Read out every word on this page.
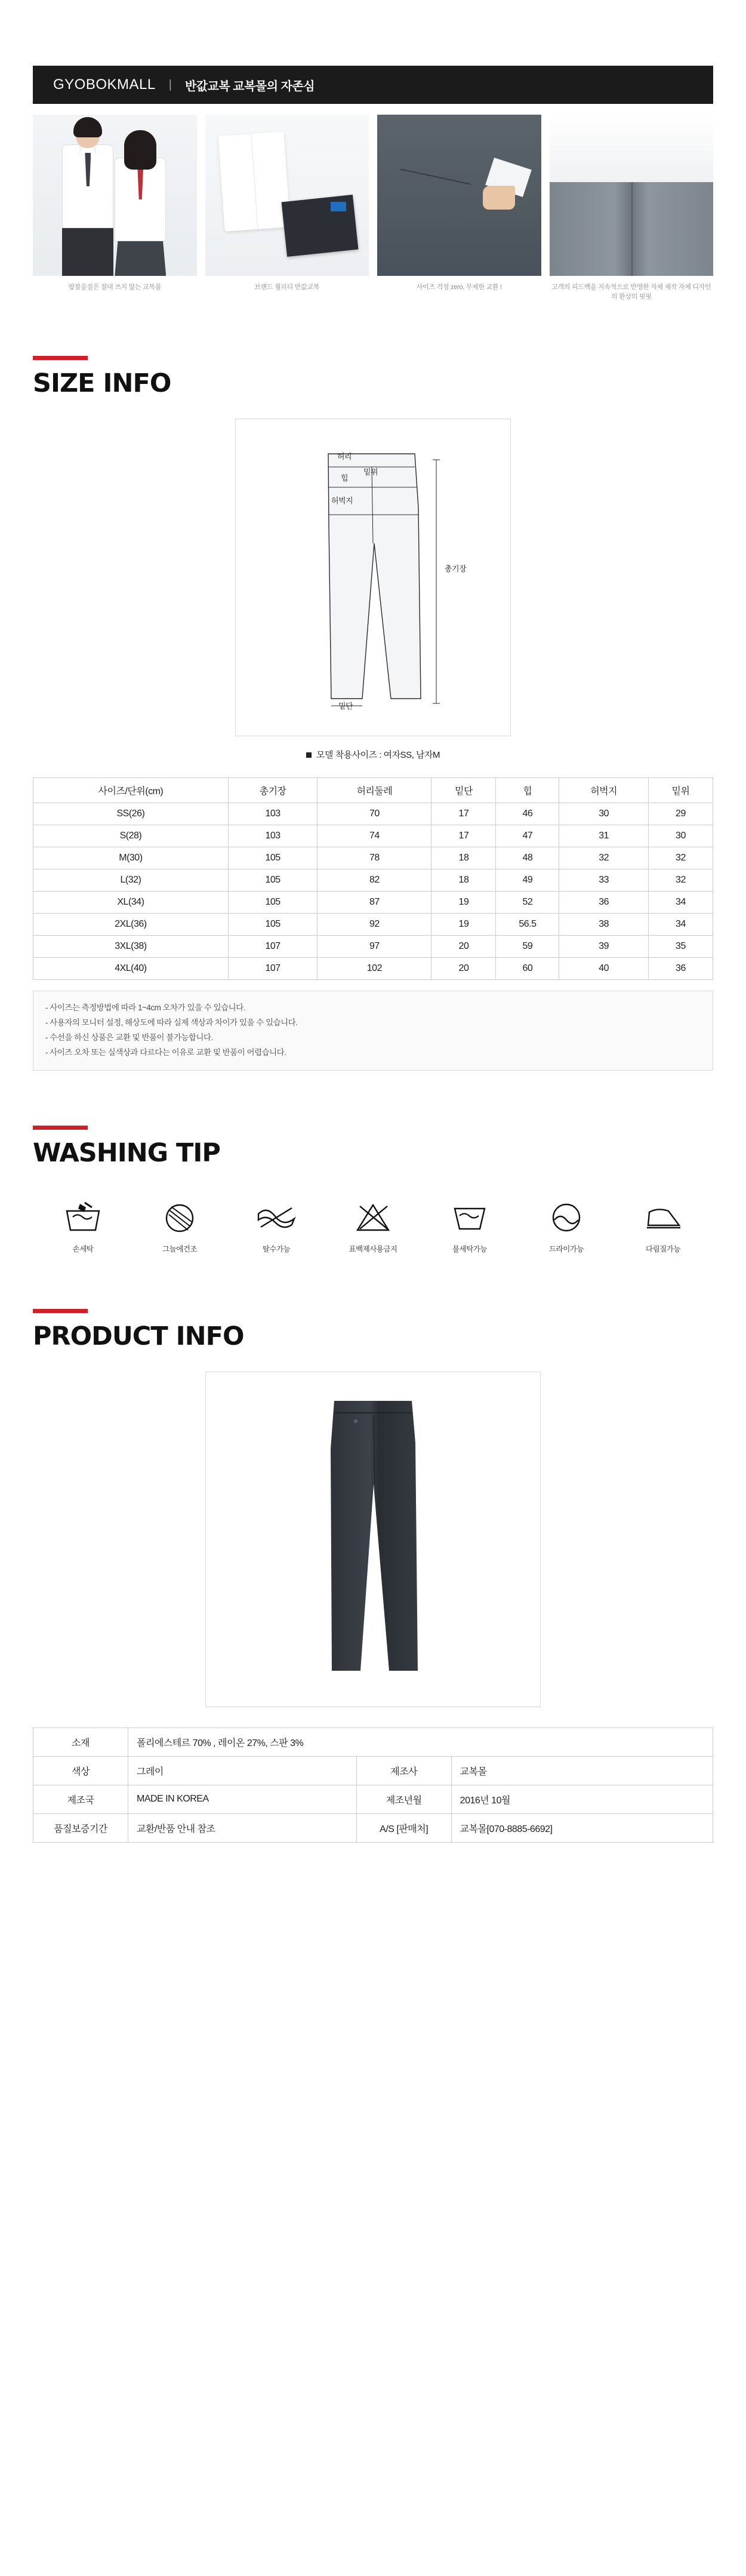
GYOBOKMALL | 반값교복 교복몰의 자존심
밤잠을질은 절대 쓰지 않는 교복몰	브랜드 퀄리티 반값교복	사이즈 걱정 zero, 무제한 교환 !	고객의 피드백을 지속적으로 반영한 자체 제작 자체 디자인의 환상의 핏핏
SIZE INFO
허리
밑위
힙
허벅지
총기장
밑단
모델 착용사이즈 : 여자SS, 남자M
사이즈/단위(cm)	총기장	허리둘레	밑단	힙	허벅지	밑위
SS(26)	103	70	17	46	30	29
S(28)	103	74	17	47	31	30
M(30)	105	78	18	48	32	32
L(32)	105	82	18	49	33	32
XL(34)	105	87	19	52	36	34
2XL(36)	105	92	19	56.5	38	34
3XL(38)	107	97	20	59	39	35
4XL(40)	107	102	20	60	40	36
- 사이즈는 측정방법에 따라 1~4cm 오차가 있을 수 있습니다.
- 사용자의 모니터 설정, 해상도에 따라 실제 색상과 차이가 있을 수 있습니다.
- 수선을 하신 상품은 교환 및 반품이 불가능합니다.
- 사이즈 오차 또는 실색상과 다르다는 이유로 교환 및 반품이 어렵습니다.
WASHING TIP
손세탁	그늘에건조	탈수가능	표백제사용금지	물세탁가능	드라이가능	다림질가능
PRODUCT INFO
소재	폴리에스테르 70% , 레이온 27%, 스판 3%		
색상	그레이	제조사	교복몰
제조국	MADE IN KOREA	제조년월	2016년 10월
품질보증기간	교환/반품 안내 참조	A/S [판매처]	교복몰[070-8885-6692]
